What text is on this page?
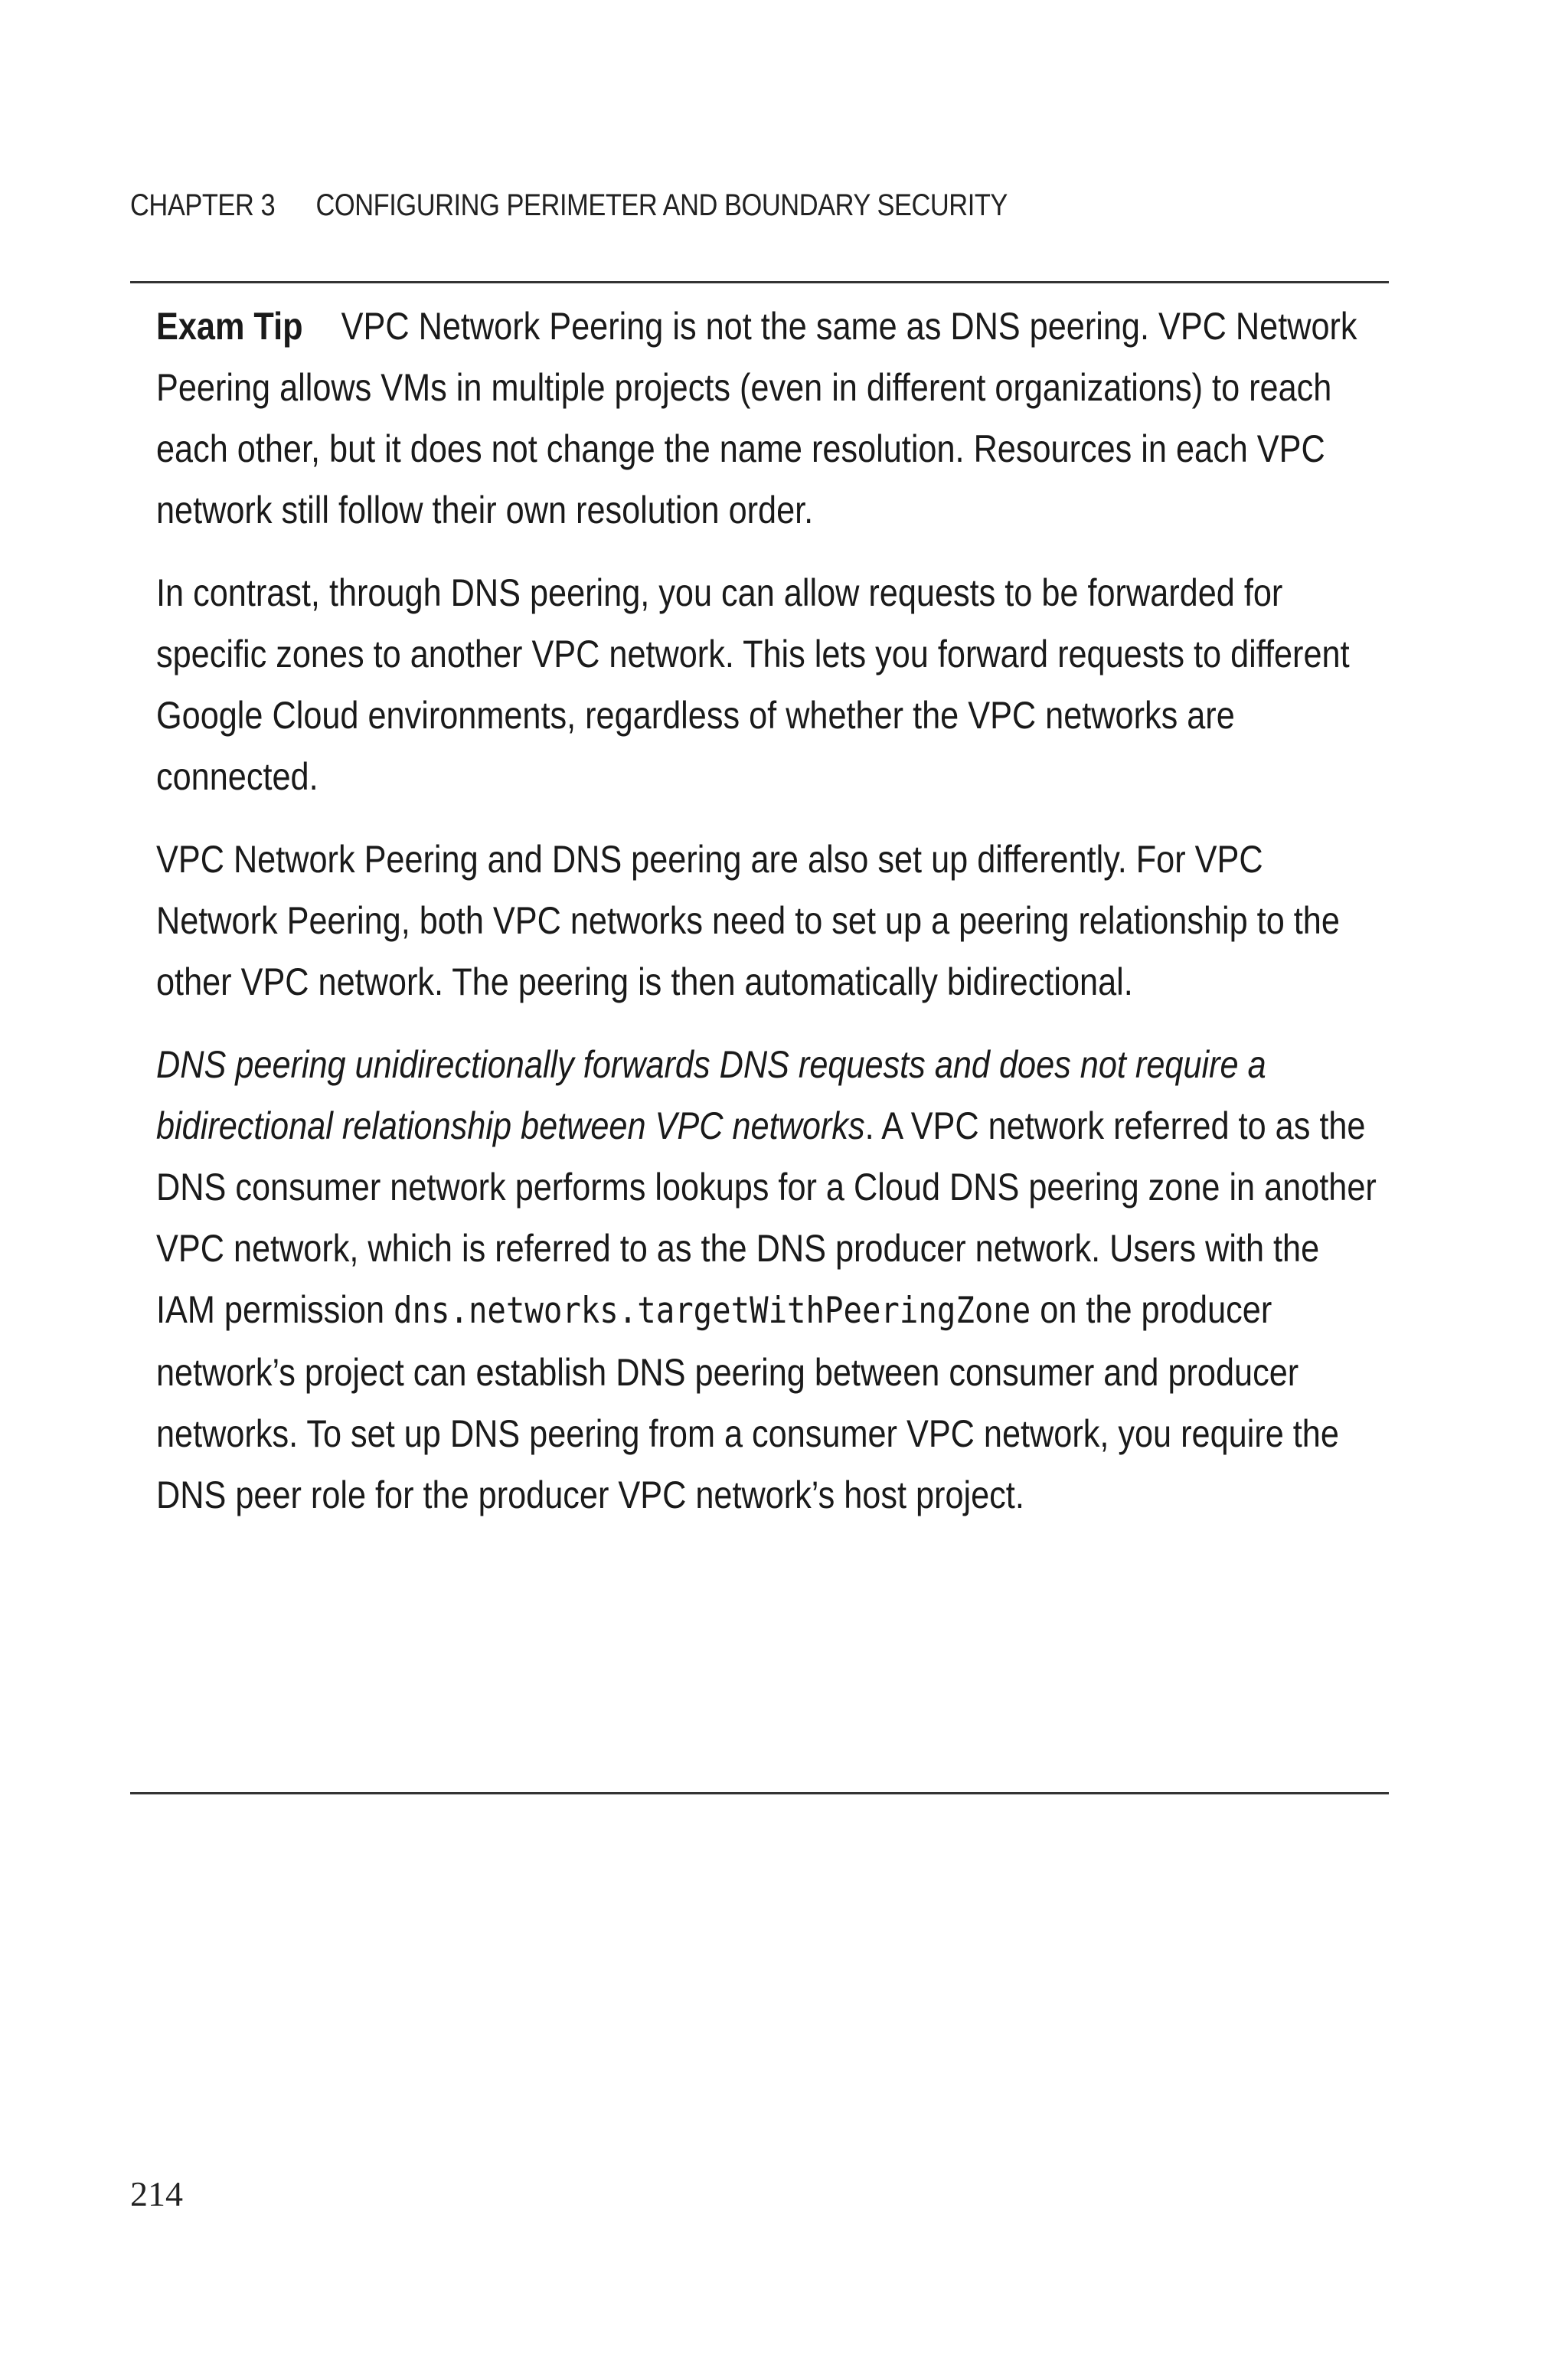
CHAPTER 3 CONFIGURING PERIMETER AND BOUNDARY SECURITY

Exam Tip VPC Network Peering is not the same as DNS peering. VPC Network Peering allows VMs in multiple projects (even in different organizations) to reach each other, but it does not change the name resolution. Resources in each VPC network still follow their own resolution order.

In contrast, through DNS peering, you can allow requests to be forwarded for specific zones to another VPC network. This lets you forward requests to different Google Cloud environments, regardless of whether the VPC networks are connected.

VPC Network Peering and DNS peering are also set up differently. For VPC Network Peering, both VPC networks need to set up a peering relationship to the other VPC network. The peering is then automatically bidirectional.

DNS peering unidirectionally forwards DNS requests and does not require a bidirectional relationship between VPC networks. A VPC network referred to as the DNS consumer network performs lookups for a Cloud DNS peering zone in another VPC network, which is referred to as the DNS producer network. Users with the IAM permission dns.networks.targetWithPeeringZone on the producer network’s project can establish DNS peering between consumer and producer networks. To set up DNS peering from a consumer VPC network, you require the DNS peer role for the producer VPC network’s host project.

214
